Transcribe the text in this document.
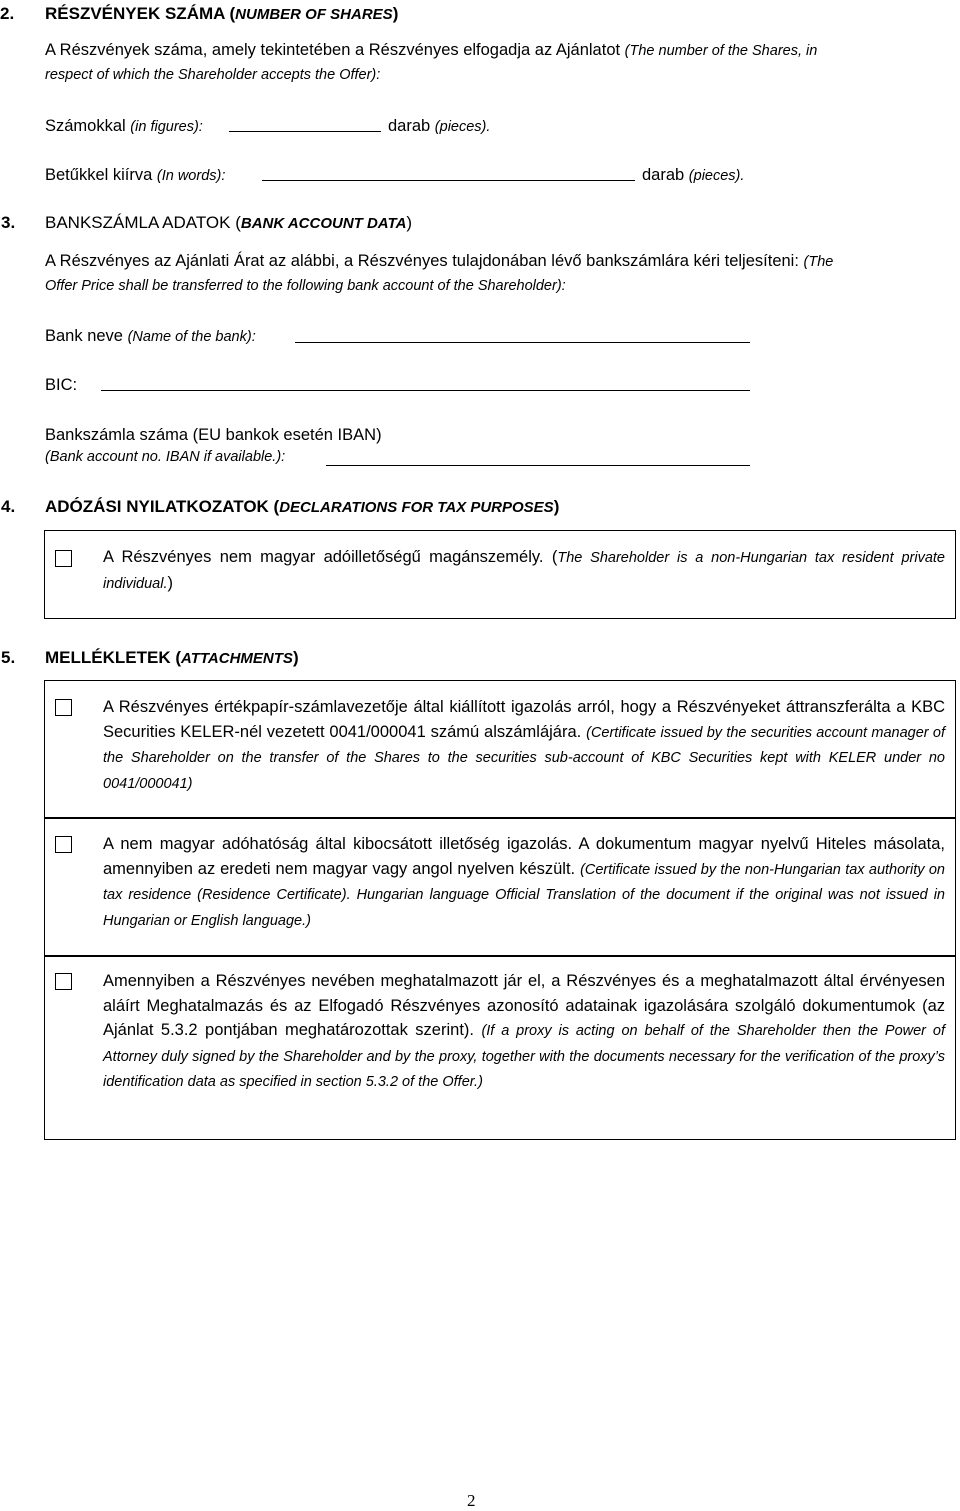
2. RÉSZVÉNYEK SZÁMA (NUMBER OF SHARES)
A Részvények száma, amely tekintetében a Részvényes elfogadja az Ajánlatot (The number of the Shares, in
respect of which the Shareholder accepts the Offer):
Számokkal (in figures):	darab (pieces).
Betűkkel kiírva (In words):	darab (pieces).
3. BANKSZÁMLA ADATOK (BANK ACCOUNT DATA)
A Részvényes az Ajánlati Árat az alábbi, a Részvényes tulajdonában lévő bankszámlára kéri teljesíteni: (The
Offer Price shall be transferred to the following bank account of the Shareholder):
Bank neve (Name of the bank):
BIC:
Bankszámla száma (EU bankok esetén IBAN)
(Bank account no. IBAN if available.):
4. ADÓZÁSI NYILATKOZATOK (DECLARATIONS FOR TAX PURPOSES)
A Részvényes nem magyar adóilletőségű magánszemély. (The Shareholder is a non-Hungarian tax resident private individual.)
5. MELLÉKLETEK (ATTACHMENTS)
A Részvényes értékpapír-számlavezetője által kiállított igazolás arról, hogy a Részvényeket áttranszferálta a KBC Securities KELER-nél vezetett 0041/000041 számú alszámlájára. (Certificate issued by the securities account manager of the Shareholder on the transfer of the Shares to the securities sub-account of KBC Securities kept with KELER under no 0041/000041)
A nem magyar adóhatóság által kibocsátott illetőség igazolás. A dokumentum magyar nyelvű Hiteles másolata, amennyiben az eredeti nem magyar vagy angol nyelven készült. (Certificate issued by the non-Hungarian tax authority on tax residence (Residence Certificate). Hungarian language Official Translation of the document if the original was not issued in Hungarian or English language.)
Amennyiben a Részvényes nevében meghatalmazott jár el, a Részvényes és a meghatalmazott által érvényesen aláírt Meghatalmazás és az Elfogadó Részvényes azonosító adatainak igazolására szolgáló dokumentumok (az Ajánlat 5.3.2 pontjában meghatározottak szerint). (If a proxy is acting on behalf of the Shareholder then the Power of Attorney duly signed by the Shareholder and by the proxy, together with the documents necessary for the verification of the proxy’s identification data as specified in section 5.3.2 of the Offer.)
2
